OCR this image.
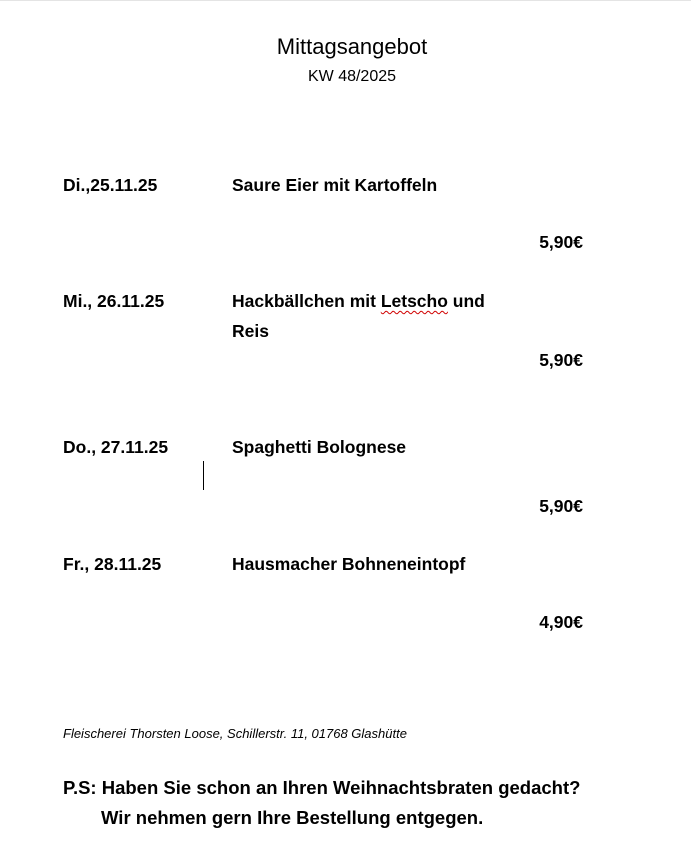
Mittagsangebot
KW 48/2025
Di.,25.11.25	Saure Eier mit Kartoffeln
5,90€
Mi., 26.11.25	Hackbällchen mit Letscho und
Reis
5,90€
Do., 27.11.25	Spaghetti Bolognese
5,90€
Fr., 28.11.25	Hausmacher Bohneneintopf
4,90€
Fleischerei Thorsten Loose, Schillerstr. 11, 01768 Glashütte
P.S: Haben Sie schon an Ihren Weihnachtsbraten gedacht?
Wir nehmen gern Ihre Bestellung entgegen.
